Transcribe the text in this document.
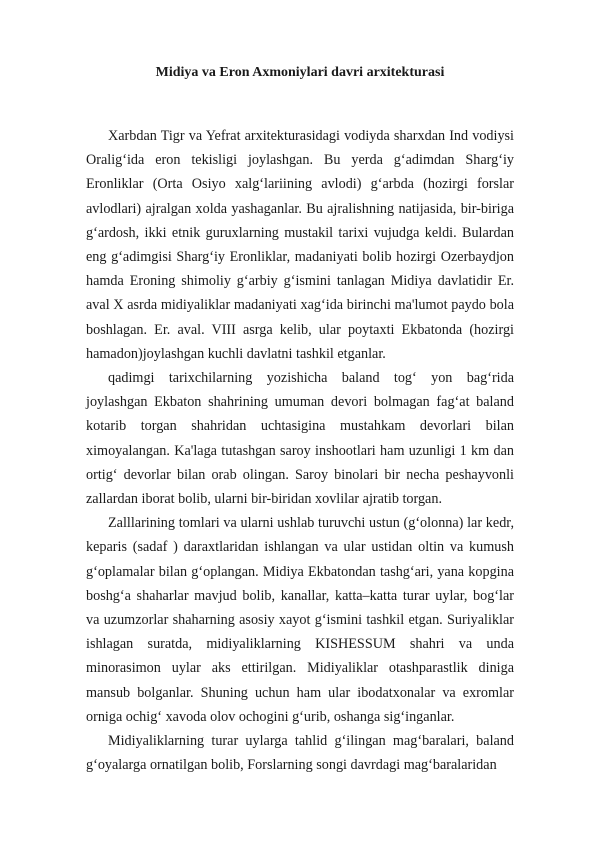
Midiya va Eron Axmoniylari davri arxitekturasi

Xarbdan Tigr va Yefrat arxitekturasidagi vodiyda sharxdan Ind vodiysi Oralig‘ida eron tekisligi joylashgan. Bu yerda g‘adimdan Sharg‘iy Eronliklar (Orta Osiyo xalg‘lariining avlodi) g‘arbda (hozirgi forslar avlodlari) ajralgan xolda yashaganlar. Bu ajralishning natijasida, bir-biriga g‘ardosh, ikki etnik guruxlarning mustakil tarixi vujudga keldi. Bulardan eng g‘adimgisi Sharg‘iy Eronliklar, madaniyati bolib hozirgi Ozerbaydjon hamda Eroning shimoliy g‘arbiy g‘ismini tanlagan Midiya davlatidir Er. aval X asrda midiyaliklar madaniyati xag‘ida birinchi ma'lumot paydo bola boshlagan. Er. aval. VIII asrga kelib, ular poytaxti Ekbatonda (hozirgi hamadon)joylashgan kuchli davlatni tashkil etganlar.

qadimgi tarixchilarning yozishicha baland tog‘ yon bag‘rida joylashgan Ekbaton shahrining umuman devori bolmagan fag‘at baland kotarib torgan shahridan uchtasigina mustahkam devorlari bilan ximoyalangan. Ka'laga tutashgan saroy inshootlari ham uzunligi 1 km dan ortig‘ devorlar bilan orab olingan. Saroy binolari bir necha peshayvonli zallardan iborat bolib, ularni bir-biridan xovlilar ajratib torgan.

Zalllarining tomlari va ularni ushlab turuvchi ustun (g‘olonna) lar kedr, keparis (sadaf ) daraxtlaridan ishlangan va ular ustidan oltin va kumush g‘oplamalar bilan g‘oplangan. Midiya Ekbatondan tashg‘ari, yana kopgina boshg‘a shaharlar mavjud bolib, kanallar, katta–katta turar uylar, bog‘lar va uzumzorlar shaharning asosiy xayot g‘ismini tashkil etgan. Suriyaliklar ishlagan suratda, midiyaliklarning KISHESSUM shahri va unda minorasimon uylar aks ettirilgan. Midiyaliklar otashparastlik diniga mansub bolganlar. Shuning uchun ham ular ibodatxonalar va exromlar orniga ochig‘ xavoda olov ochogini g‘urib, oshanga sig‘inganlar.

Midiyaliklarning turar uylarga tahlid g‘ilingan mag‘baralari, baland g‘oyalarga ornatilgan bolib, Forslarning songi davrdagi mag‘baralaridan
